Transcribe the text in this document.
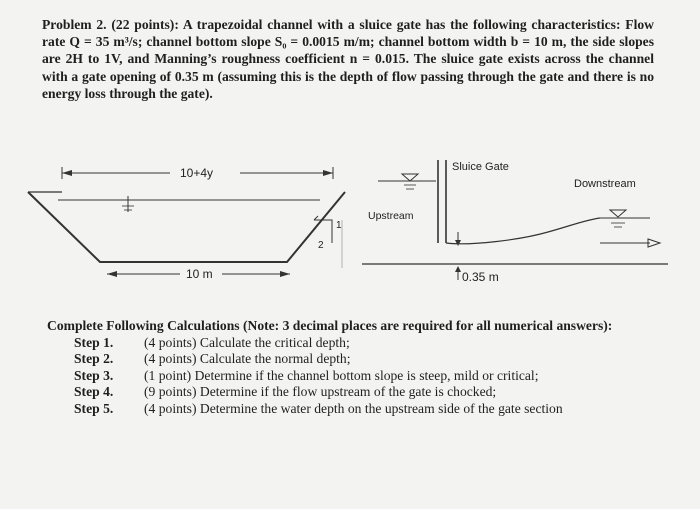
Problem 2. (22 points): A trapezoidal channel with a sluice gate has the following characteristics: Flow rate Q = 35 m³/s; channel bottom slope S₀ = 0.0015 m/m; channel bottom width b = 10 m, the side slopes are 2H to 1V, and Manning’s roughness coefficient n = 0.015. The sluice gate exists across the channel with a gate opening of 0.35 m (assuming this is the depth of flow passing through the gate and there is no energy loss through the gate).
10+4y
10 m
1
2
Sluice Gate
Upstream
Downstream
0.35 m
Complete Following Calculations (Note: 3 decimal places are required for all numerical answers):
Step 1.	(4 points) Calculate the critical depth;
Step 2.	(4 points) Calculate the normal depth;
Step 3.	(1 point) Determine if the channel bottom slope is steep, mild or critical;
Step 4.	(9 points) Determine if the flow upstream of the gate is chocked;
Step 5.	(4 points) Determine the water depth on the upstream side of the gate section
